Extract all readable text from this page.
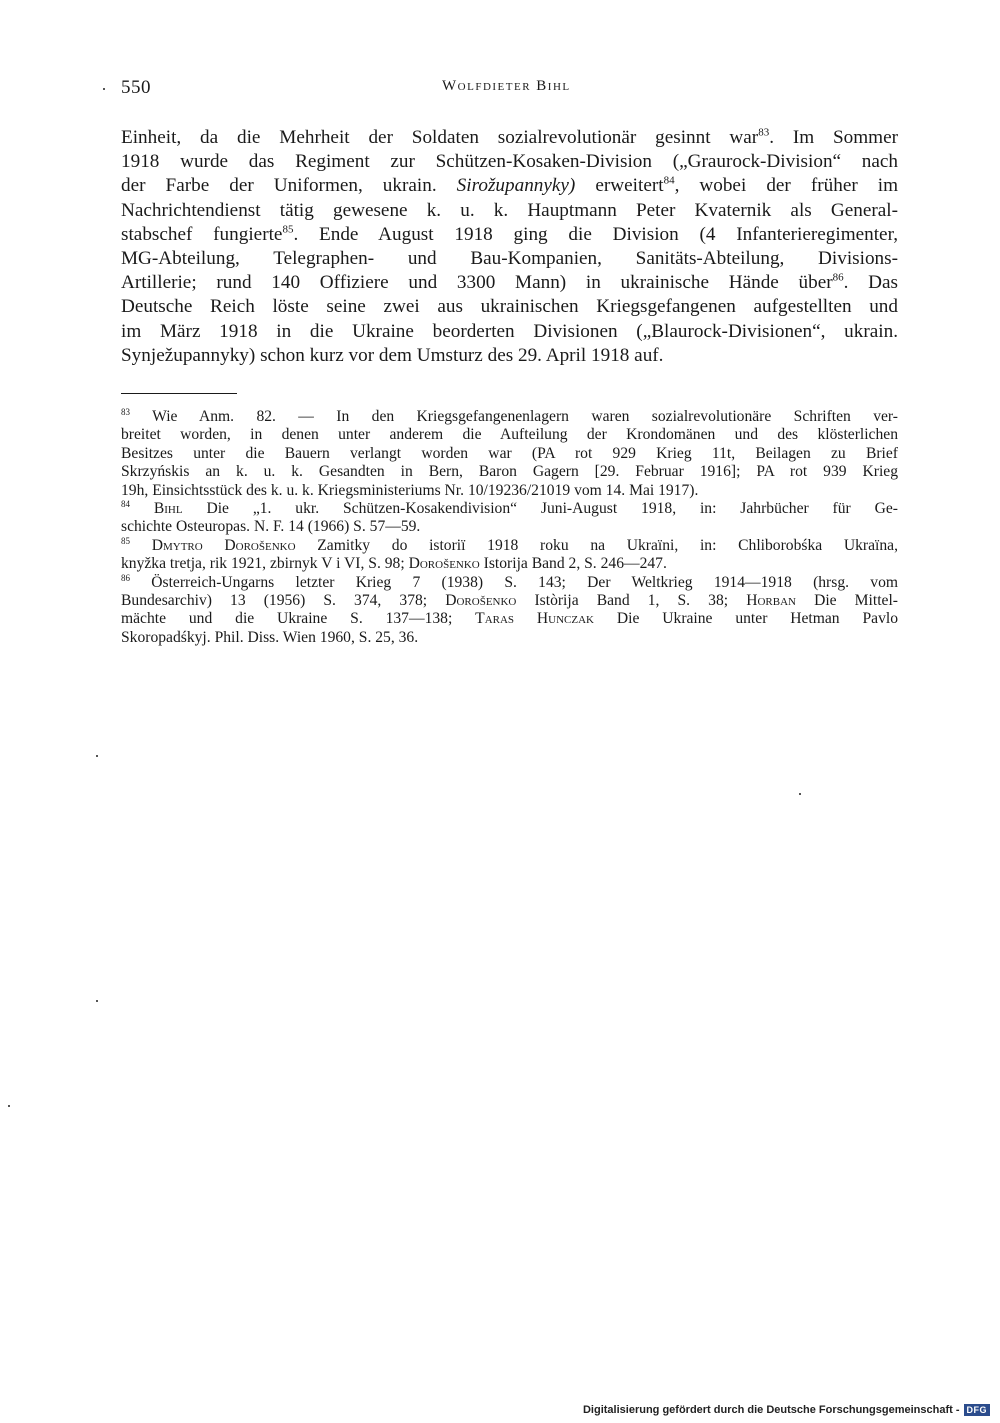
550	Wolfdieter Bihl
Einheit, da die Mehrheit der Soldaten sozialrevolutionär gesinnt war$^{83}$. Im Sommer
1918 wurde das Regiment zur Schützen-Kosaken-Division („Graurock-Division“ nach
der Farbe der Uniformen, ukrain. Sirožupannyky) erweitert$^{84}$, wobei der früher im
Nachrichtendienst tätig gewesene k. u. k. Hauptmann Peter Kvaternik als General-
stabschef fungierte$^{85}$. Ende August 1918 ging die Division (4 Infanterieregimenter,
MG-Abteilung, Telegraphen- und Bau-Kompanien, Sanitäts-Abteilung, Divisions-
Artillerie; rund 140 Offiziere und 3300 Mann) in ukrainische Hände über$^{86}$. Das
Deutsche Reich löste seine zwei aus ukrainischen Kriegsgefangenen aufgestellten und
im März 1918 in die Ukraine beorderten Divisionen („Blaurock-Divisionen“, ukrain.
Synježupannyky) schon kurz vor dem Umsturz des 29. April 1918 auf.
$^{83}$ Wie Anm. 82. — In den Kriegsgefangenenlagern waren sozialrevolutionäre Schriften ver-
breitet worden, in denen unter anderem die Aufteilung der Krondomänen und des klösterlichen
Besitzes unter die Bauern verlangt worden war (PA rot 929 Krieg 11t, Beilagen zu Brief
Skrzyńskis an k. u. k. Gesandten in Bern, Baron Gagern [29. Februar 1916]; PA rot 939 Krieg
19h, Einsichtsstück des k. u. k. Kriegsministeriums Nr. 10/19236/21019 vom 14. Mai 1917).
$^{84}$ Bihl Die „1. ukr. Schützen-Kosakendivision“ Juni-August 1918, in: Jahrbücher für Ge-
schichte Osteuropas. N. F. 14 (1966) S. 57—59.
$^{85}$ Dmytro Dorošenko Zamitky do istoriï 1918 roku na Ukraïni, in: Chliborobśka Ukraïna,
knyžka tretja, rik 1921, zbirnyk V i VI, S. 98; Dorošenko Istorija Band 2, S. 246—247.
$^{86}$ Österreich-Ungarns letzter Krieg 7 (1938) S. 143; Der Weltkrieg 1914—1918 (hrsg. vom
Bundesarchiv) 13 (1956) S. 374, 378; Dorošenko Istòrija Band 1, S. 38; Horban Die Mittel-
mächte und die Ukraine S. 137—138; Taras Hunczak Die Ukraine unter Hetman Pavlo
Skoropadśkyj. Phil. Diss. Wien 1960, S. 25, 36.
Digitalisierung gefördert durch die Deutsche Forschungsgemeinschaft - DFG
